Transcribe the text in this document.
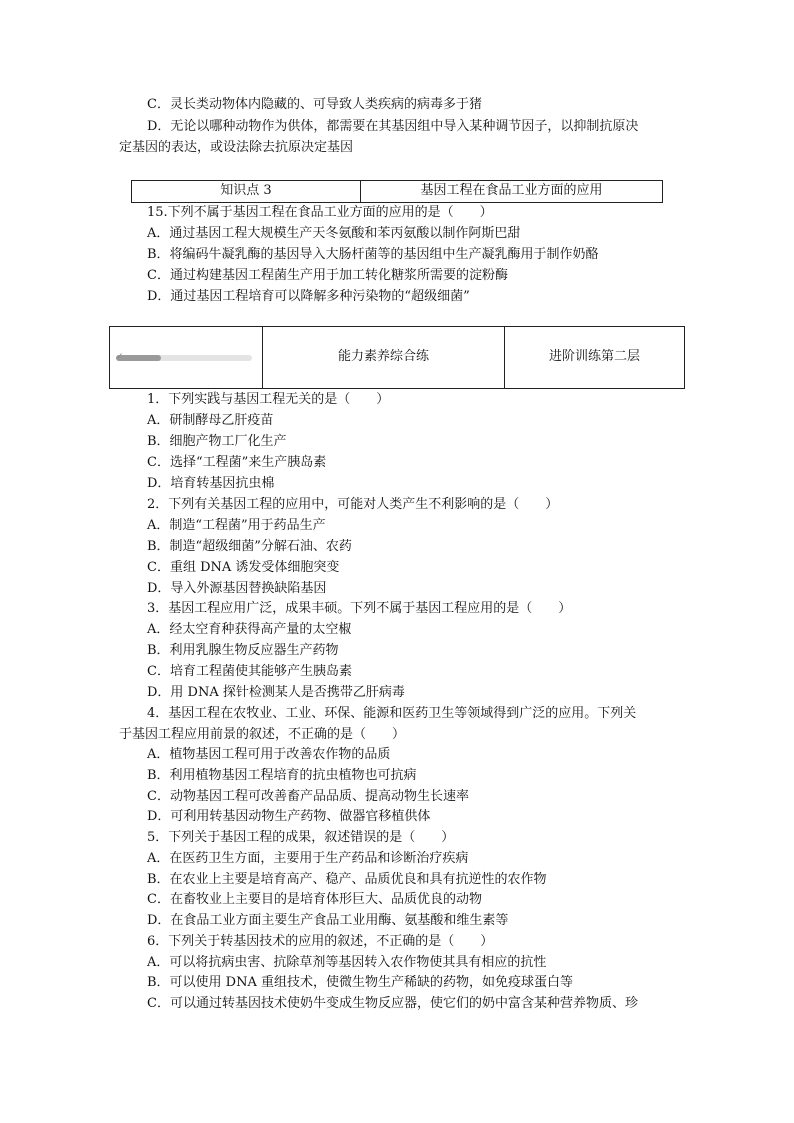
C．灵长类动物体内隐藏的、可导致人类疾病的病毒多于猪
D．无论以哪种动物作为供体，都需要在其基因组中导入某种调节因子，以抑制抗原决
定基因的表达，或设法除去抗原决定基因
知识点 3	基因工程在食品工业方面的应用
15.下列不属于基因工程在食品工业方面的应用的是（　　）
A．通过基因工程大规模生产天冬氨酸和苯丙氨酸以制作阿斯巴甜
B．将编码牛凝乳酶的基因导入大肠杆菌等的基因组中生产凝乳酶用于制作奶酪
C．通过构建基因工程菌生产用于加工转化糖浆所需要的淀粉酶
D．通过基因工程培育可以降解多种污染物的“超级细菌”
✓	能力素养综合练	进阶训练第二层
1．下列实践与基因工程无关的是（　　）
A．研制酵母乙肝疫苗
B．细胞产物工厂化生产
C．选择“工程菌”来生产胰岛素
D．培育转基因抗虫棉
2．下列有关基因工程的应用中，可能对人类产生不利影响的是（　　）
A．制造“工程菌”用于药品生产
B．制造“超级细菌”分解石油、农药
C．重组 DNA 诱发受体细胞突变
D．导入外源基因替换缺陷基因
3．基因工程应用广泛，成果丰硕。下列不属于基因工程应用的是（　　）
A．经太空育种获得高产量的太空椒
B．利用乳腺生物反应器生产药物
C．培育工程菌使其能够产生胰岛素
D．用 DNA 探针检测某人是否携带乙肝病毒
4．基因工程在农牧业、工业、环保、能源和医药卫生等领域得到广泛的应用。下列关
于基因工程应用前景的叙述，不正确的是（　　）
A．植物基因工程可用于改善农作物的品质
B．利用植物基因工程培育的抗虫植物也可抗病
C．动物基因工程可改善畜产品品质、提高动物生长速率
D．可利用转基因动物生产药物、做器官移植供体
5．下列关于基因工程的成果，叙述错误的是（　　）
A．在医药卫生方面，主要用于生产药品和诊断治疗疾病
B．在农业上主要是培育高产、稳产、品质优良和具有抗逆性的农作物
C．在畜牧业上主要目的是培育体形巨大、品质优良的动物
D．在食品工业方面主要生产食品工业用酶、氨基酸和维生素等
6．下列关于转基因技术的应用的叙述，不正确的是（　　）
A．可以将抗病虫害、抗除草剂等基因转入农作物使其具有相应的抗性
B．可以使用 DNA 重组技术，使微生物生产稀缺的药物，如免疫球蛋白等
C．可以通过转基因技术使奶牛变成生物反应器，使它们的奶中富含某种营养物质、珍
